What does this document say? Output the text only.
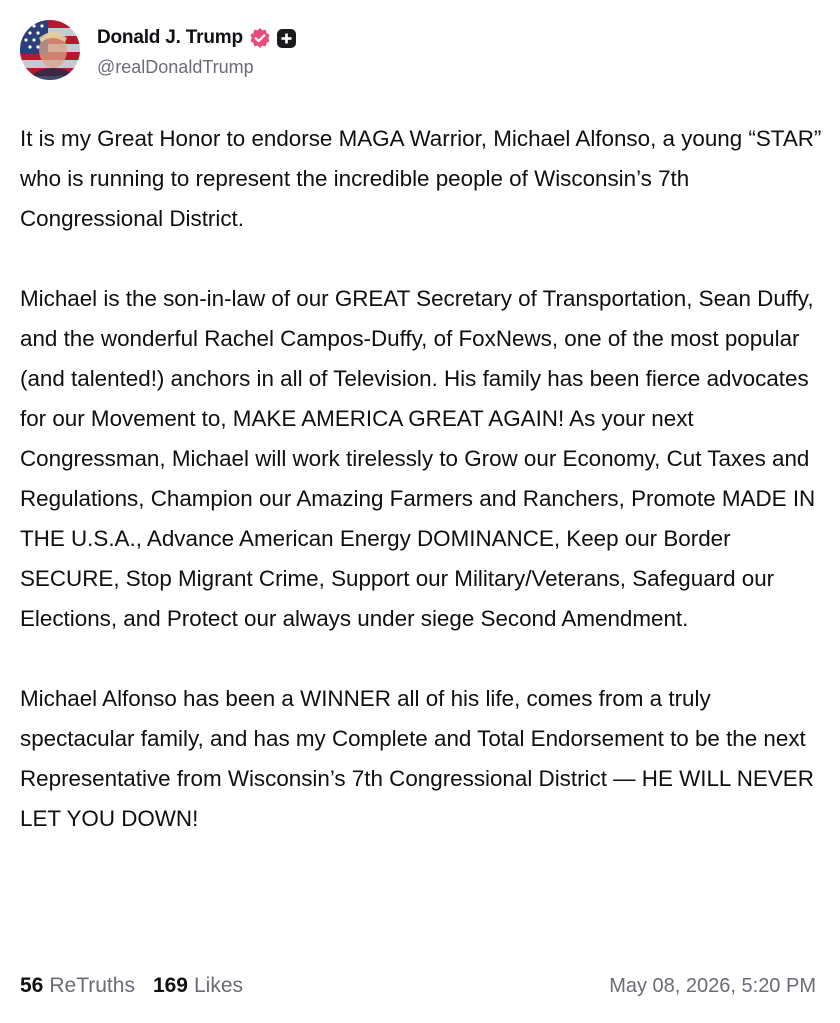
Donald J. Trump
@realDonaldTrump

It is my Great Honor to endorse MAGA Warrior, Michael Alfonso, a young “STAR” who is running to represent the incredible people of Wisconsin’s 7th Congressional District.

Michael is the son-in-law of our GREAT Secretary of Transportation, Sean Duffy, and the wonderful Rachel Campos-Duffy, of FoxNews, one of the most popular (and talented!) anchors in all of Television. His family has been fierce advocates for our Movement to, MAKE AMERICA GREAT AGAIN! As your next Congressman, Michael will work tirelessly to Grow our Economy, Cut Taxes and Regulations, Champion our Amazing Farmers and Ranchers, Promote MADE IN THE U.S.A., Advance American Energy DOMINANCE, Keep our Border SECURE, Stop Migrant Crime, Support our Military/Veterans, Safeguard our Elections, and Protect our always under siege Second Amendment.

Michael Alfonso has been a WINNER all of his life, comes from a truly spectacular family, and has my Complete and Total Endorsement to be the next Representative from Wisconsin’s 7th Congressional District — HE WILL NEVER LET YOU DOWN!

56 ReTruths 169 Likes	May 08, 2026, 5:20 PM
